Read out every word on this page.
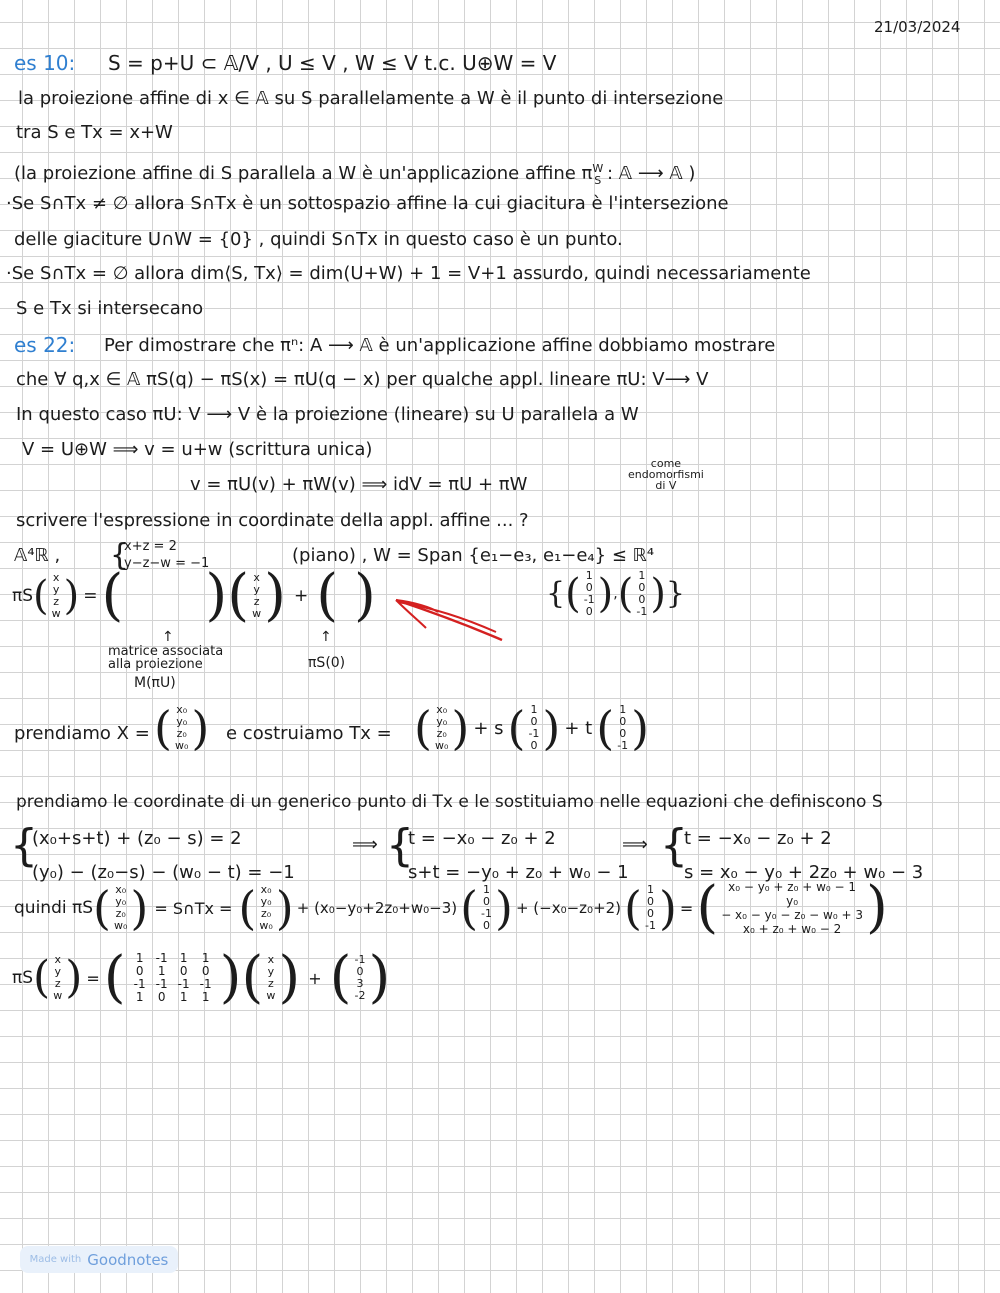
21/03/2024
es 10: S = p+U ⊂ 𝔸/V , U ≤ V , W ≤ V t.c. U⊕W = V
la proiezione affine di x ∈ 𝔸 su S parallelamente a W è il punto di intersezione
tra S e Tx = x+W
(la proiezione affine di S parallela a W è un'applicazione affine $\pi^W_S$ : 𝔸 ⟶ 𝔸 )
·Se S∩Tx ≠ ∅ allora S∩Tx è un sottospazio affine la cui giacitura è l'intersezione
delle giaciture U∩W = {0} , quindi S∩Tx in questo caso è un punto.
·Se S∩Tx = ∅ allora dim⟨S, Tx⟩ = dim(U+W) + 1 = V+1 assurdo, quindi necessariamente
S e Tx si intersecano
es 22: Per dimostrare che πⁿ: A ⟶ 𝔸 è un'applicazione affine dobbiamo mostrare
che ∀ q,x ∈ 𝔸 πS(q) − πS(x) = πU(q − x) per qualche appl. lineare πU: V⟶ V
In questo caso πU: V ⟶ V è la proiezione (lineare) su U parallela a W
V = U⊕W ⟹ v = u+w (scrittura unica)
v = πU(v) + πW(v) ⟹ idV = πU + πW
come
endomorfismi
di V
scrivere l'espressione in coordinate della appl. affine ... ?
𝔸⁴ℝ , {
x+z = 2
y−z−w = −1	(piano) , W = Span {e₁−e₃, e₁−e₄} ≤ ℝ⁴
{ ( 1
0
-1
0 ) , ( 1
0
0
-1 ) }
πS ( x
y
z
w ) = ( ) ( x
y
z
w ) + ( )
↑	↑
matrice associata
alla proiezione
M(πU)
πS(0)
prendiamo X = ( x₀
y₀
z₀
w₀ ) e costruiamo Tx = ( x₀
y₀
z₀
w₀ ) + s ( 1
0
-1
0 ) + t ( 1
0
0
-1 )
prendiamo le coordinate di un generico punto di Tx e le sostituiamo nelle equazioni che definiscono S
{
(x₀+s+t) + (z₀ − s) = 2
(y₀) − (z₀−s) − (w₀ − t) = −1
⟹ {
t = −x₀ − z₀ + 2
s+t = −y₀ + z₀ + w₀ − 1
⟹ {
t = −x₀ − z₀ + 2
s = x₀ − y₀ + 2z₀ + w₀ − 3
quindi πS ( x₀
y₀
z₀
w₀ ) = S∩Tx = ( x₀
y₀
z₀
w₀ ) + (x₀−y₀+2z₀+w₀−3) ( 1
0
-1
0 ) + (−x₀−z₀+2) ( 1
0
0
-1 ) = ( x₀ − y₀ + z₀ + w₀ − 1
y₀
− x₀ − y₀ − z₀ − w₀ + 3
x₀ + z₀ + w₀ − 2 )
πS ( x
y
z
w ) = ( 1	-1	1	1
0	1	0	0
-1 -1 -1 -1
1	0	1	1 ) ( x
y
z
w ) + ( -1
0
3
-2 )
Made with Goodnotes
